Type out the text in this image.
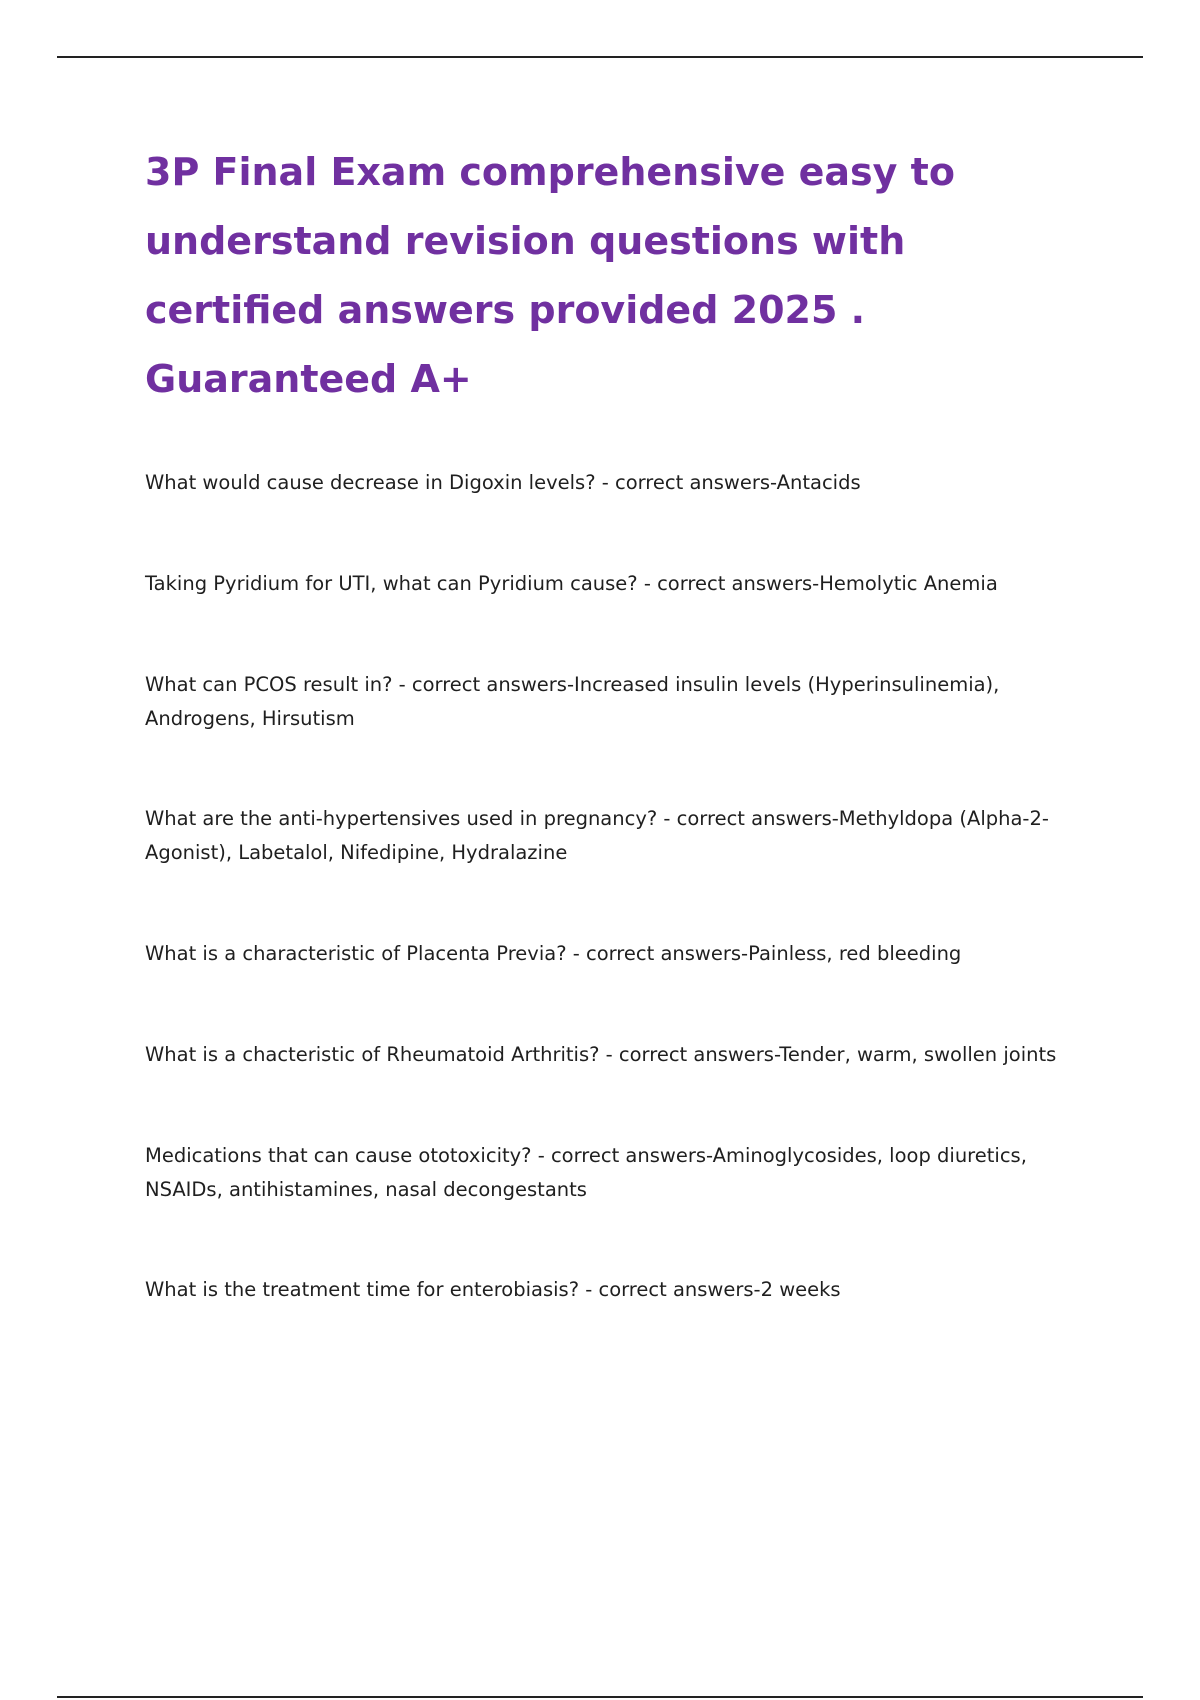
3P Final Exam comprehensive easy to understand revision questions with certified answers provided 2025 . Guaranteed A+

What would cause decrease in Digoxin levels? - correct answers-Antacids

Taking Pyridium for UTI, what can Pyridium cause? - correct answers-Hemolytic Anemia

What can PCOS result in? - correct answers-Increased insulin levels (Hyperinsulinemia), Androgens, Hirsutism

What are the anti-hypertensives used in pregnancy? - correct answers-Methyldopa (Alpha-2-Agonist), Labetalol, Nifedipine, Hydralazine

What is a characteristic of Placenta Previa? - correct answers-Painless, red bleeding

What is a chacteristic of Rheumatoid Arthritis? - correct answers-Tender, warm, swollen joints

Medications that can cause ototoxicity? - correct answers-Aminoglycosides, loop diuretics, NSAIDs, antihistamines, nasal decongestants

What is the treatment time for enterobiasis? - correct answers-2 weeks
